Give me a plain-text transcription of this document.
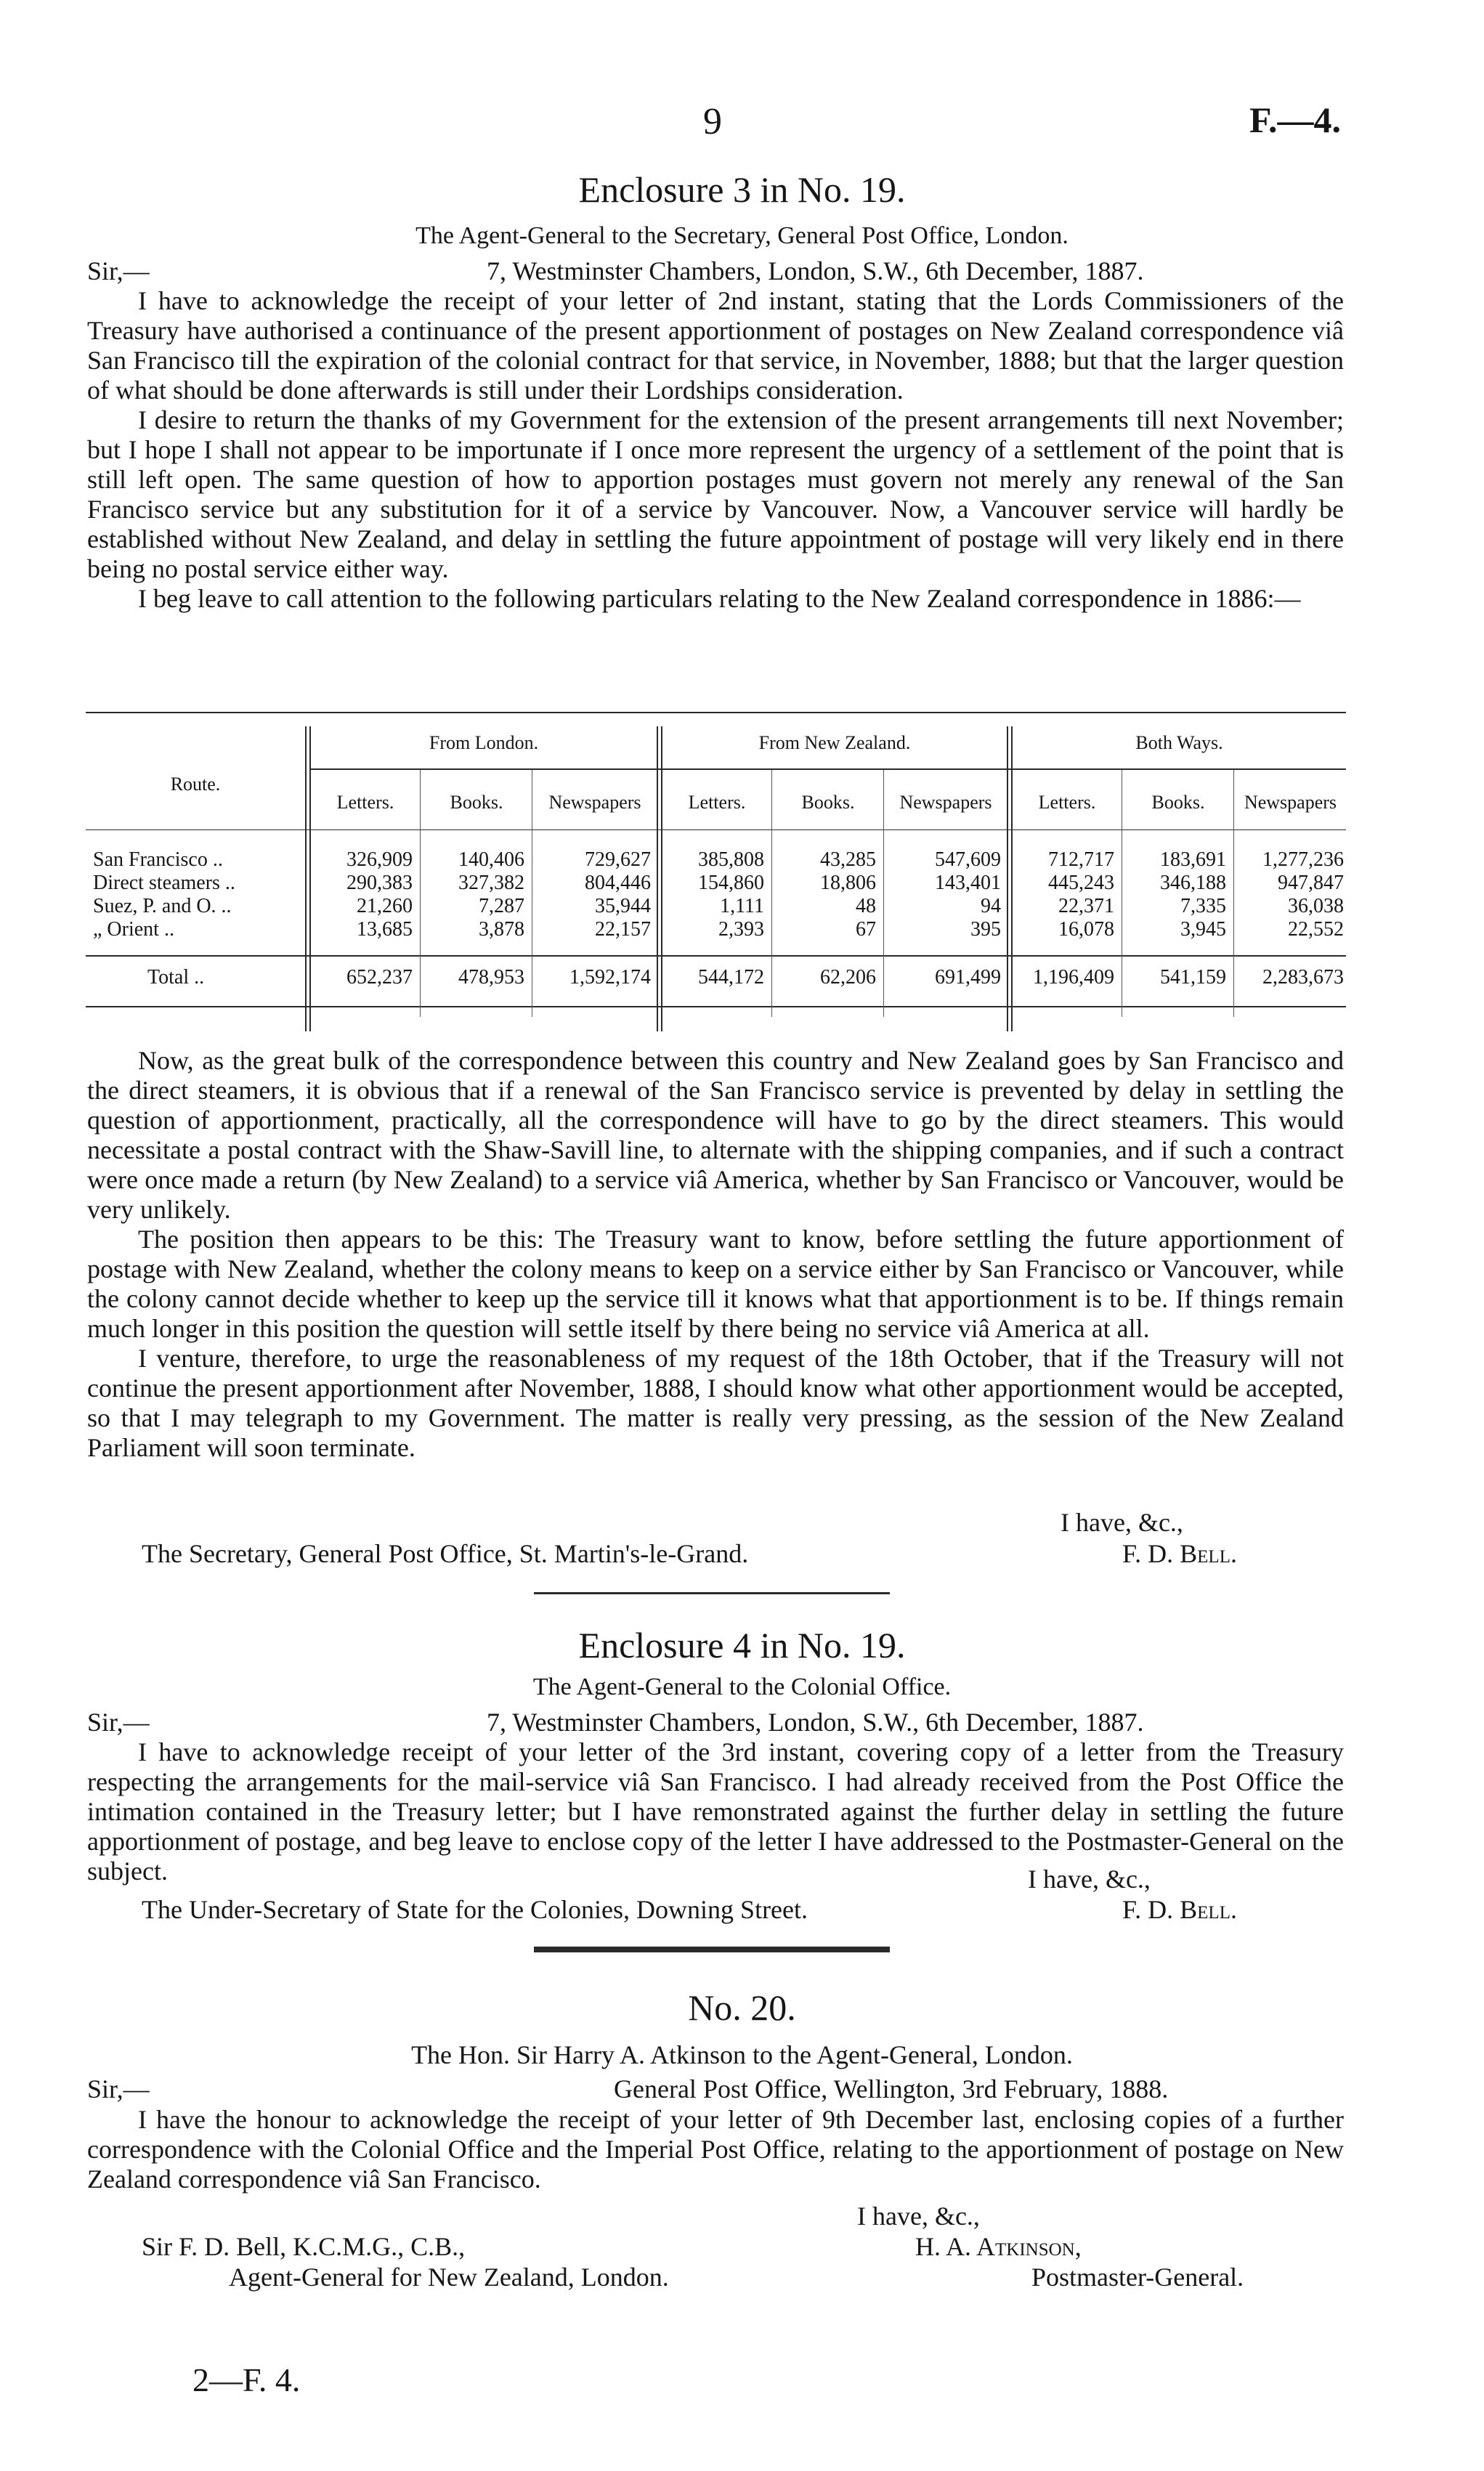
9	F.—4.
Enclosure 3 in No. 19.
The Agent-General to the Secretary, General Post Office, London.
Sir,—	7, Westminster Chambers, London, S.W., 6th December, 1887.

I have to acknowledge the receipt of your letter of 2nd instant, stating that the Lords Commissioners of the Treasury have authorised a continuance of the present apportionment of postages on New Zealand correspondence viâ San Francisco till the expiration of the colonial contract for that service, in November, 1888; but that the larger question of what should be done afterwards is still under their Lordships consideration.

I desire to return the thanks of my Government for the extension of the present arrangements till next November; but I hope I shall not appear to be importunate if I once more represent the urgency of a settlement of the point that is still left open. The same question of how to apportion postages must govern not merely any renewal of the San Francisco service but any substitution for it of a service by Vancouver. Now, a Vancouver service will hardly be established without New Zealand, and delay in settling the future appointment of postage will very likely end in there being no postal service either way.

I beg leave to call attention to the following particulars relating to the New Zealand correspondence in 1886:—

Route.
From London.	From New Zealand.	Both Ways.
Letters.	Books.	Newspapers	Letters.	Books.	Newspapers	Letters.	Books.	Newspapers
San Francisco ..	326,909 140,406	729,627 385,808	43,285	547,609 712,717 183,691 1,277,236
Direct steamers ..	290,383 327,382	804,446 154,860	18,806	143,401 445,243 346,188	947,847
Suez, P. and O. ..	21,260	7,287	35,944	1,111	48	94	22,371	7,335	36,038
„ Orient ..	13,685	3,878	22,157	2,393	67	395	16,078	3,945	22,552
Total ..	652,237 478,953 1,592,174 544,172	62,206	691,499 1,196,409 541,159 2,283,673

Now, as the great bulk of the correspondence between this country and New Zealand goes by San Francisco and the direct steamers, it is obvious that if a renewal of the San Francisco service is prevented by delay in settling the question of apportionment, practically, all the correspondence will have to go by the direct steamers. This would necessitate a postal contract with the Shaw-Savill line, to alternate with the shipping companies, and if such a contract were once made a return (by New Zealand) to a service viâ America, whether by San Francisco or Vancouver, would be very unlikely.

The position then appears to be this: The Treasury want to know, before settling the future apportionment of postage with New Zealand, whether the colony means to keep on a service either by San Francisco or Vancouver, while the colony cannot decide whether to keep up the service till it knows what that apportionment is to be. If things remain much longer in this position the question will settle itself by there being no service viâ America at all.

I venture, therefore, to urge the reasonableness of my request of the 18th October, that if the Treasury will not continue the present apportionment after November, 1888, I should know what other apportionment would be accepted, so that I may telegraph to my Government. The matter is really very pressing, as the session of the New Zealand Parliament will soon terminate.

I have, &c.,
The Secretary, General Post Office, St. Martin's-le-Grand.	F. D. Bell.
Enclosure 4 in No. 19.
The Agent-General to the Colonial Office.
Sir,—	7, Westminster Chambers, London, S.W., 6th December, 1887.

I have to acknowledge receipt of your letter of the 3rd instant, covering copy of a letter from the Treasury respecting the arrangements for the mail-service viâ San Francisco. I had already received from the Post Office the intimation contained in the Treasury letter; but I have remonstrated against the further delay in settling the future apportionment of postage, and beg leave to enclose copy of the letter I have addressed to the Postmaster-General on the subject.	I have, &c.,
The Under-Secretary of State for the Colonies, Downing Street.	F. D. Bell.
No. 20.
The Hon. Sir Harry A. Atkinson to the Agent-General, London.
Sir,—	General Post Office, Wellington, 3rd February, 1888.

I have the honour to acknowledge the receipt of your letter of 9th December last, enclosing copies of a further correspondence with the Colonial Office and the Imperial Post Office, relating to the apportionment of postage on New Zealand correspondence viâ San Francisco.

I have, &c.,
Sir F. D. Bell, K.C.M.G., C.B.,	H. A. Atkinson,
Agent-General for New Zealand, London.	Postmaster-General.
2—F. 4.
